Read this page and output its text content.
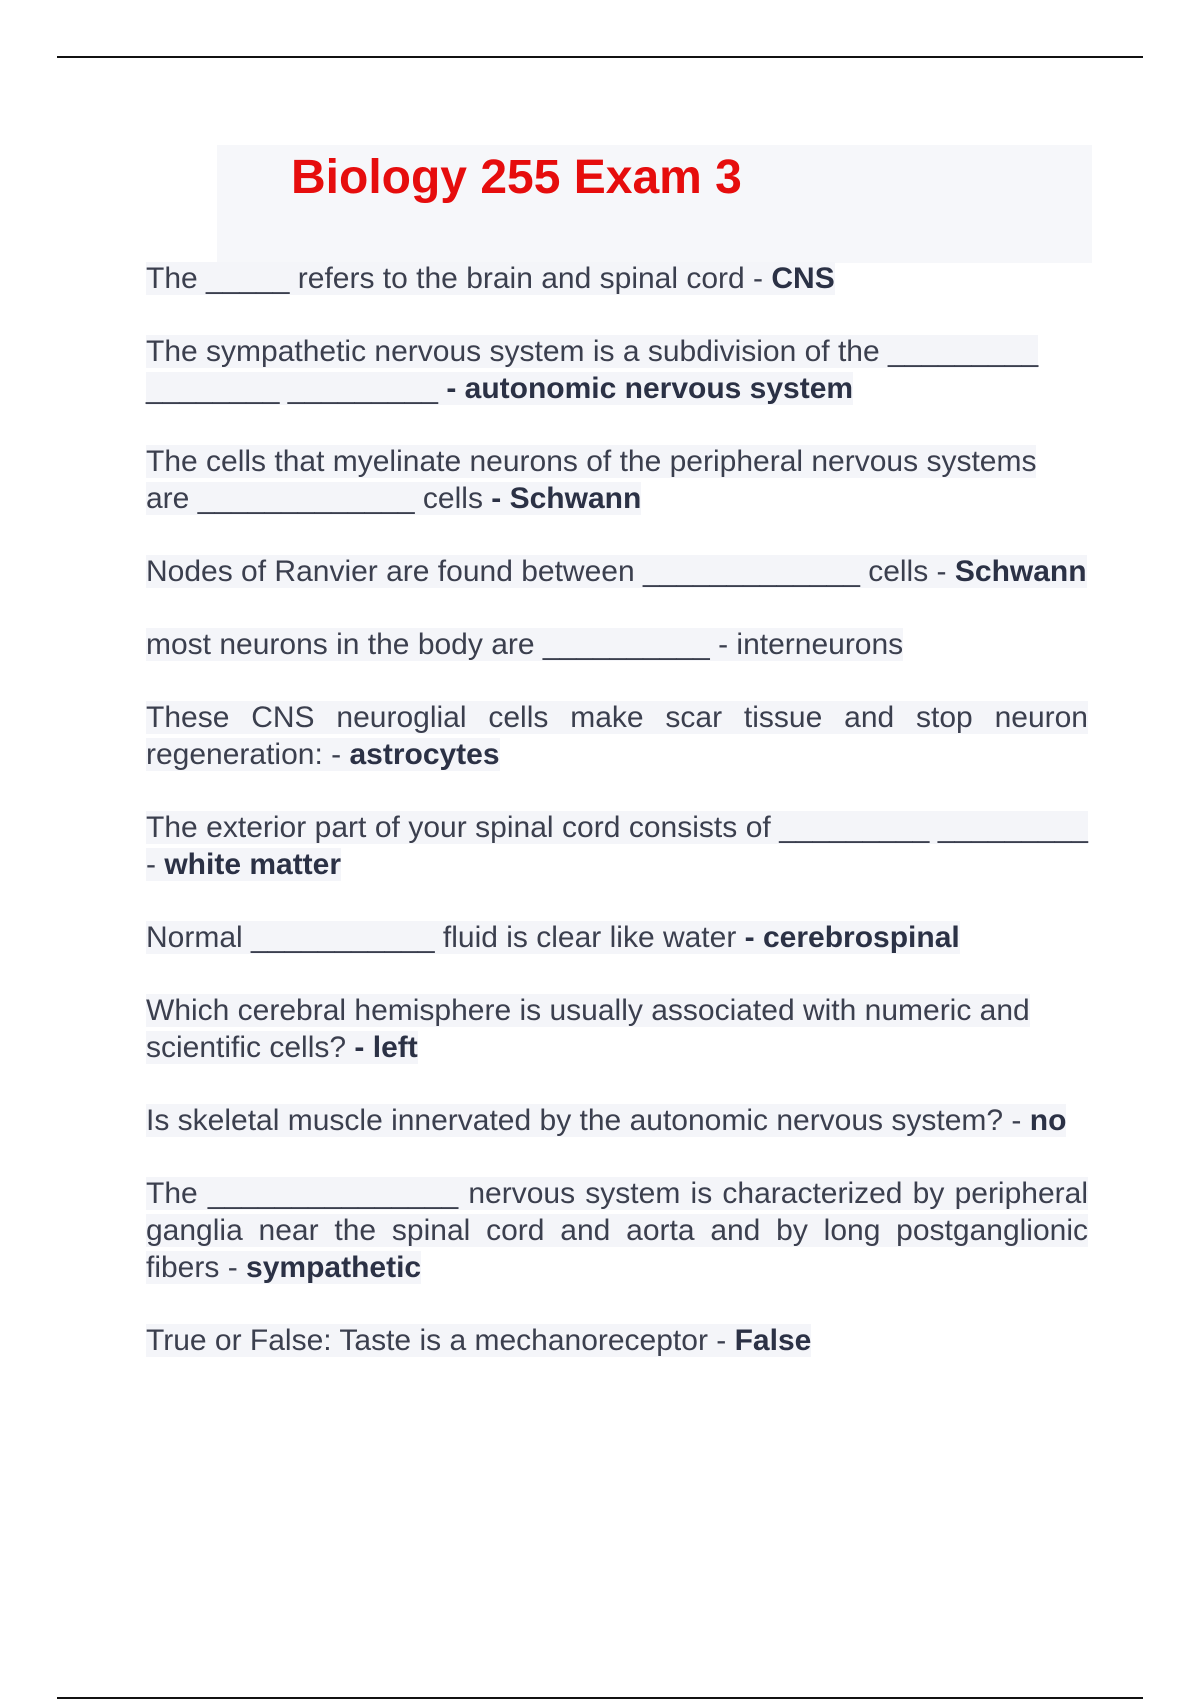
Biology 255 Exam 3

The _____ refers to the brain and spinal cord - CNS

The sympathetic nervous system is a subdivision of the _________ ________ _________ - autonomic nervous system

The cells that myelinate neurons of the peripheral nervous systems are _____________ cells - Schwann

Nodes of Ranvier are found between _____________ cells - Schwann

most neurons in the body are __________ - interneurons

These CNS neuroglial cells make scar tissue and stop neuron regeneration: - astrocytes

The exterior part of your spinal cord consists of _________ _________ - white matter

Normal ___________ fluid is clear like water - cerebrospinal

Which cerebral hemisphere is usually associated with numeric and scientific cells? - left

Is skeletal muscle innervated by the autonomic nervous system? - no

The _______________ nervous system is characterized by peripheral ganglia near the spinal cord and aorta and by long postganglionic fibers - sympathetic

True or False: Taste is a mechanoreceptor - False
